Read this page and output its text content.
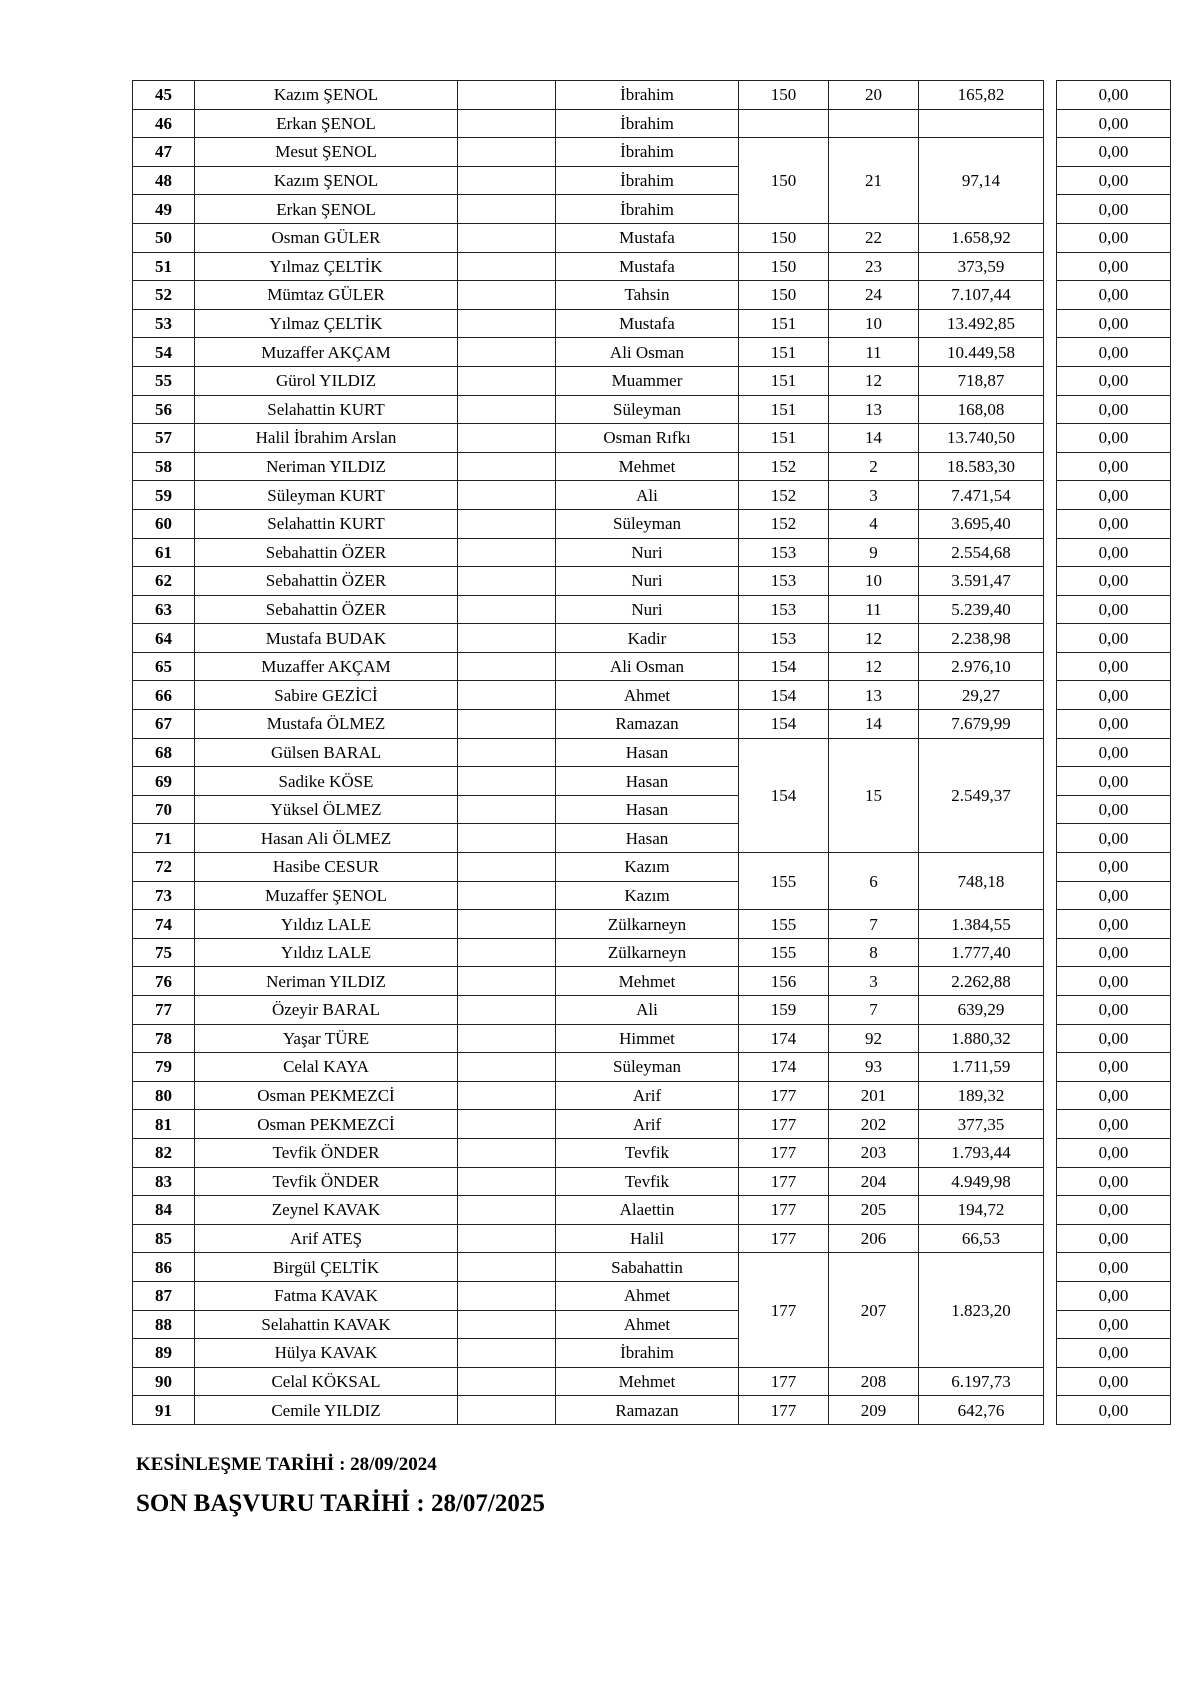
45	Kazım ŞENOL		İbrahim	150	20	165,82		0,00
46	Erkan ŞENOL		İbrahim					0,00
47	Mesut ŞENOL		İbrahim	150	21	97,14		0,00
48	Kazım ŞENOL		İbrahim					0,00
49	Erkan ŞENOL		İbrahim					0,00
50	Osman GÜLER		Mustafa	150	22	1.658,92		0,00
51	Yılmaz ÇELTİK		Mustafa	150	23	373,59		0,00
52	Mümtaz GÜLER		Tahsin	150	24	7.107,44		0,00
53	Yılmaz ÇELTİK		Mustafa	151	10	13.492,85		0,00
54	Muzaffer AKÇAM		Ali Osman	151	11	10.449,58		0,00
55	Gürol YILDIZ		Muammer	151	12	718,87		0,00
56	Selahattin KURT		Süleyman	151	13	168,08		0,00
57	Halil İbrahim Arslan		Osman Rıfkı	151	14	13.740,50		0,00
58	Neriman YILDIZ		Mehmet	152	2	18.583,30		0,00
59	Süleyman KURT		Ali	152	3	7.471,54		0,00
60	Selahattin KURT		Süleyman	152	4	3.695,40		0,00
61	Sebahattin ÖZER		Nuri	153	9	2.554,68		0,00
62	Sebahattin ÖZER		Nuri	153	10	3.591,47		0,00
63	Sebahattin ÖZER		Nuri	153	11	5.239,40		0,00
64	Mustafa BUDAK		Kadir	153	12	2.238,98		0,00
65	Muzaffer AKÇAM		Ali Osman	154	12	2.976,10		0,00
66	Sabire GEZİCİ		Ahmet	154	13	29,27		0,00
67	Mustafa ÖLMEZ		Ramazan	154	14	7.679,99		0,00
68	Gülsen BARAL		Hasan	154	15	2.549,37		0,00
69	Sadike KÖSE		Hasan					0,00
70	Yüksel ÖLMEZ		Hasan					0,00
71	Hasan Ali ÖLMEZ		Hasan					0,00
72	Hasibe CESUR		Kazım	155	6	748,18		0,00
73	Muzaffer ŞENOL		Kazım					0,00
74	Yıldız LALE		Zülkarneyn	155	7	1.384,55		0,00
75	Yıldız LALE		Zülkarneyn	155	8	1.777,40		0,00
76	Neriman YILDIZ		Mehmet	156	3	2.262,88		0,00
77	Özeyir BARAL		Ali	159	7	639,29		0,00
78	Yaşar TÜRE		Himmet	174	92	1.880,32		0,00
79	Celal KAYA		Süleyman	174	93	1.711,59		0,00
80	Osman PEKMEZCİ		Arif	177	201	189,32		0,00
81	Osman PEKMEZCİ		Arif	177	202	377,35		0,00
82	Tevfik ÖNDER		Tevfik	177	203	1.793,44		0,00
83	Tevfik ÖNDER		Tevfik	177	204	4.949,98		0,00
84	Zeynel KAVAK		Alaettin	177	205	194,72		0,00
85	Arif ATEŞ		Halil	177	206	66,53		0,00
86	Birgül ÇELTİK		Sabahattin	177	207	1.823,20		0,00
87	Fatma KAVAK		Ahmet					0,00
88	Selahattin KAVAK		Ahmet					0,00
89	Hülya KAVAK		İbrahim					0,00
90	Celal KÖKSAL		Mehmet	177	208	6.197,73		0,00
91	Cemile YILDIZ		Ramazan	177	209	642,76		0,00
KESİNLEŞME TARİHİ : 28/09/2024
SON BAŞVURU TARİHİ : 28/07/2025
